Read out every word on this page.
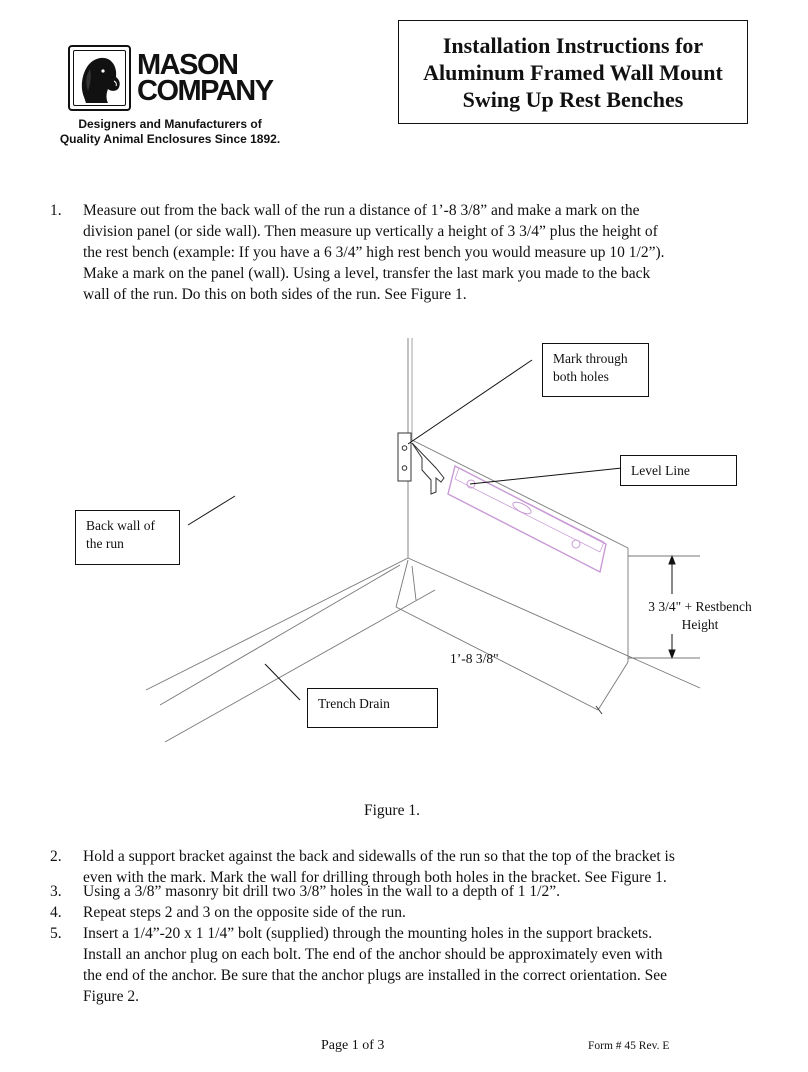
MASON
COMPANY
Designers and Manufacturers of
Quality Animal Enclosures Since 1892.
Installation Instructions for
Aluminum Framed Wall Mount
Swing Up Rest Benches
1. Measure out from the back wall of the run a distance of 1’-8 3/8” and make a mark on the
division panel (or side wall). Then measure up vertically a height of 3 3/4” plus the height of
the rest bench (example: If you have a 6 3/4” high rest bench you would measure up 10 1/2”).
Make a mark on the panel (wall). Using a level, transfer the last mark you made to the back
wall of the run. Do this on both sides of the run. See Figure 1.
Mark through
both holes
Level Line
Back wall of
the run
3 3/4" + Restbench
Height
1’-8 3/8"
Trench Drain
Figure 1.
2. Hold a support bracket against the back and sidewalls of the run so that the top of the bracket is
even with the mark. Mark the wall for drilling through both holes in the bracket. See Figure 1.
3. Using a 3/8” masonry bit drill two 3/8” holes in the wall to a depth of 1 1/2”.
4. Repeat steps 2 and 3 on the opposite side of the run.
5. Insert a 1/4”-20 x 1 1/4” bolt (supplied) through the mounting holes in the support brackets.
Install an anchor plug on each bolt. The end of the anchor should be approximately even with
the end of the anchor. Be sure that the anchor plugs are installed in the correct orientation. See
Figure 2.
Page 1 of 3	Form # 45 Rev. E
